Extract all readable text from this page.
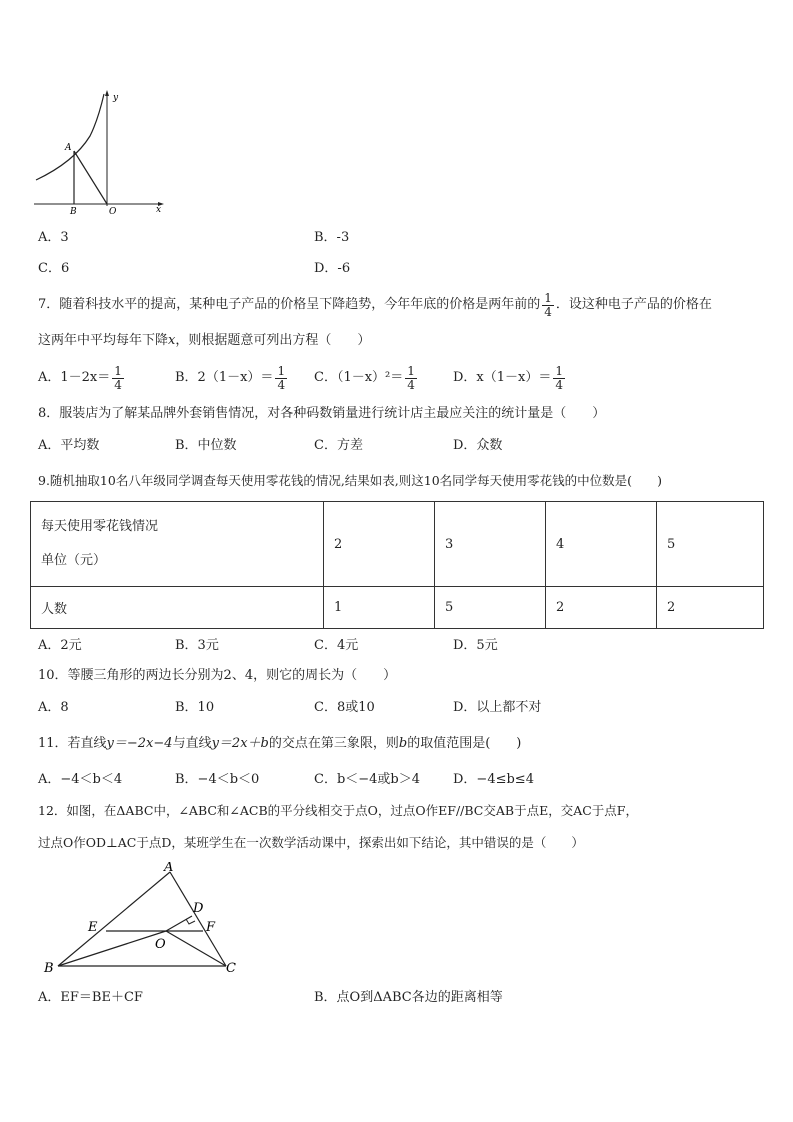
y
x
A
B	O
A．3	B．-3
C．6	D．-6
7．随着科技水平的提高，某种电子产品的价格呈下降趋势，今年年底的价格是两年前的 $\frac{1}{4}$ ．设这种电子产品的价格在
这两年中平均每年下降x，则根据题意可列出方程（　　）
A．$1-2x= \frac{1}{4}$	B．$2(1-x)= \frac{1}{4}$ C．$(1-x)^2= \frac{1}{4}$	D．$x(1-x)= \frac{1}{4}$
8．服装店为了解某品牌外套销售情况，对各种码数销量进行统计店主最应关注的统计量是（　　）
A．平均数	B．中位数	C．方差	D．众数
9.随机抽取10名八年级同学调查每天使用零花钱的情况,结果如表,则这10名同学每天使用零花钱的中位数是(　　)
每天使用零花钱情况
单位（元）	2	3	4	5
人数	1	5	2	2
A．2元	B．3元	C．4元	D．5元
10．等腰三角形的两边长分别为2、4，则它的周长为（　　）
A．8	B．10	C．8或10	D．以上都不对
11．若直线y＝−2x−4与直线y＝2x＋b的交点在第三象限，则b的取值范围是(　　)
A．−4＜b＜4	B．−4＜b＜0	C．b＜−4或b＞4	D．−4≤b≤4
12．如图，在ΔABC中，∠ABC和∠ACB的平分线相交于点O，过点O作EF//BC交AB于点E，交AC于点F，
过点O作OD⊥AC于点D，某班学生在一次数学活动课中，探索出如下结论，其中错误的是（　　）
A
B	C
D
E	F
O
A．EF＝BE＋CF	B．点O到ΔABC各边的距离相等
